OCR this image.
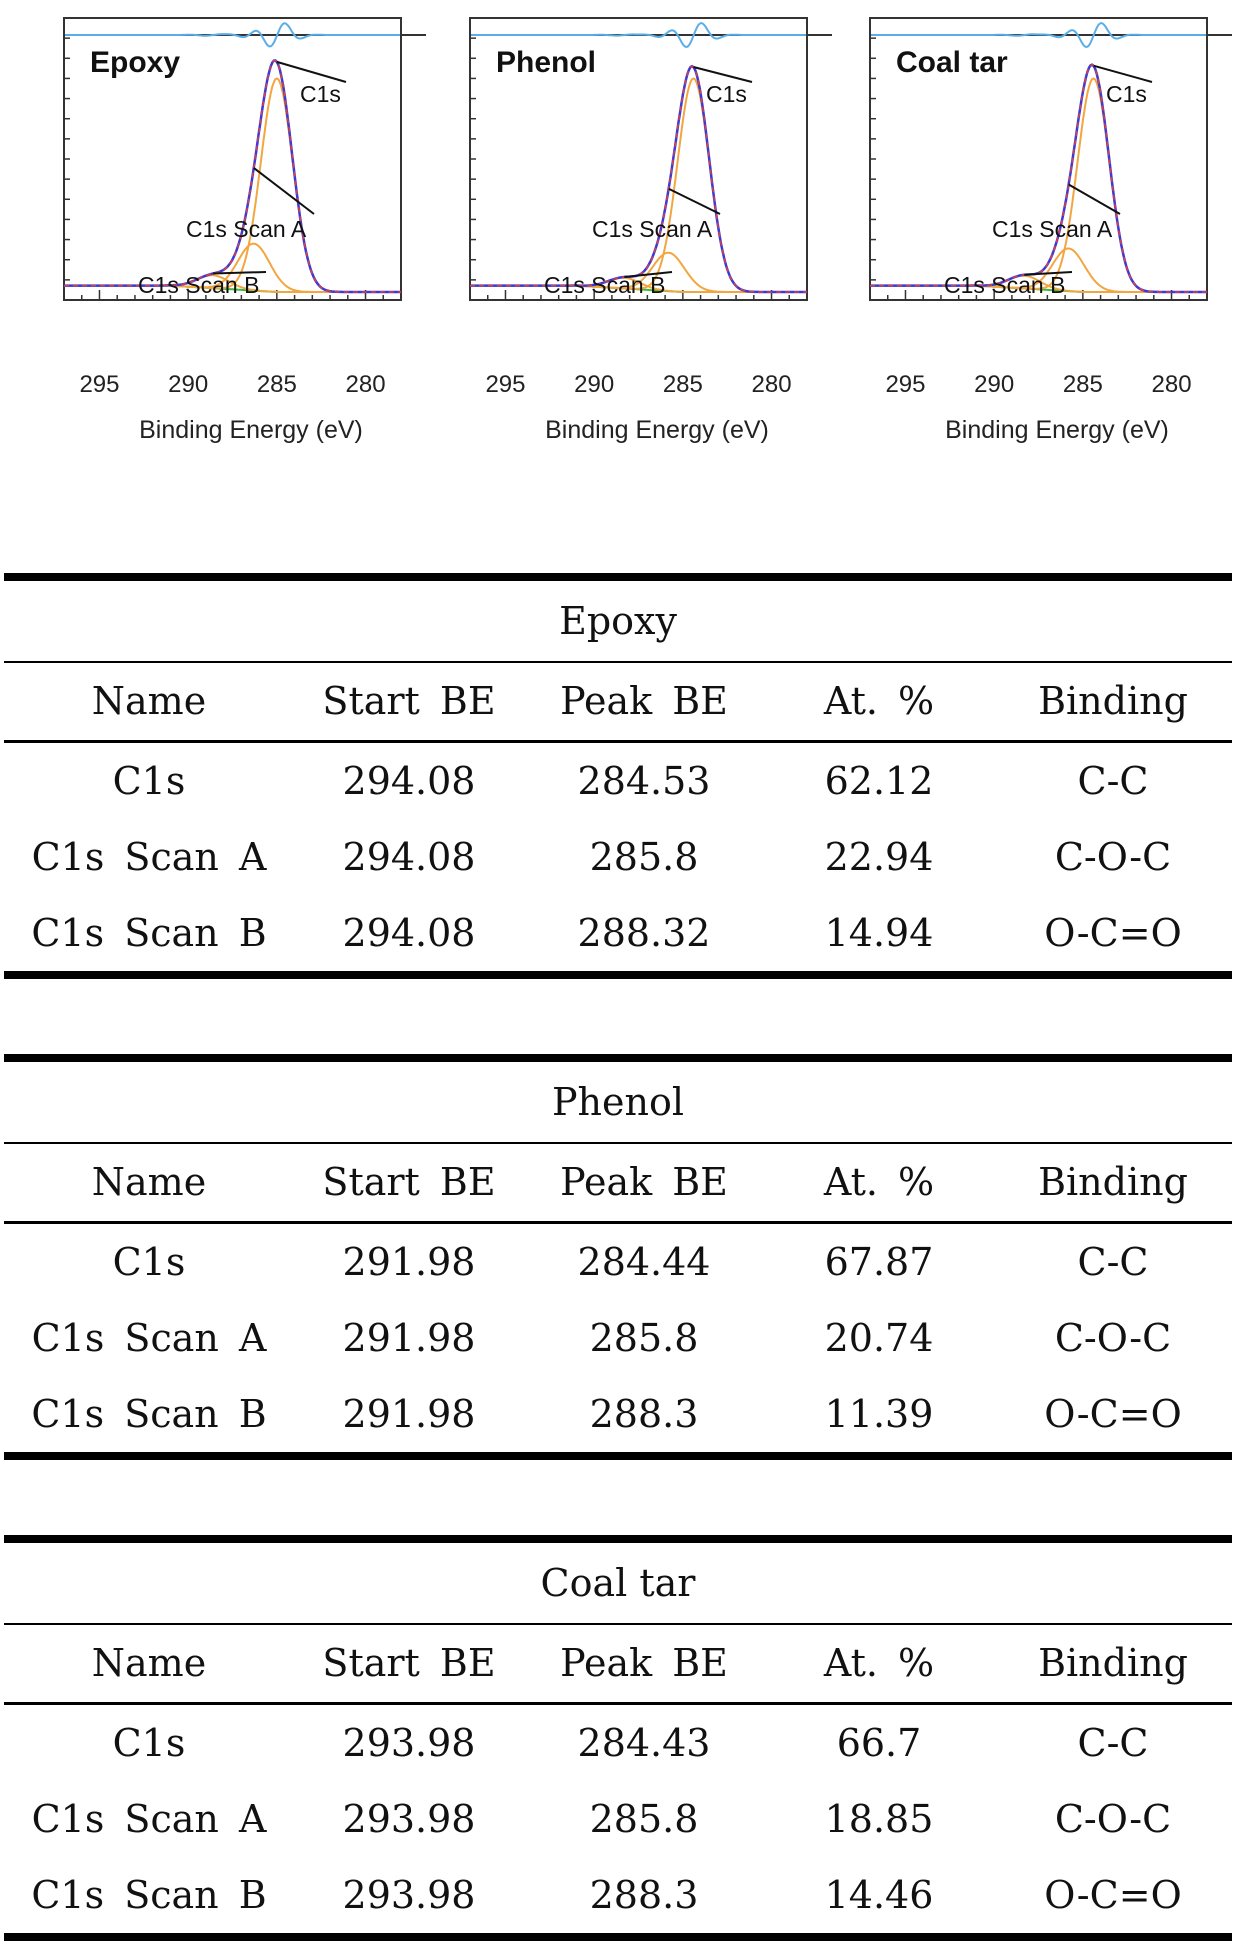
Epoxy
C1s
C1s Scan A
C1s Scan B
295 290 285 280
Binding Energy (eV)
Phenol
C1s
C1s Scan A
C1s Scan B
295 290 285 280
Binding Energy (eV)
Coal tar
C1s
C1s Scan A
C1s Scan B
295 290 285 280
Binding Energy (eV)
Epoxy
Name	Start BE	Peak BE	At. %	Binding
C1s	294.08	284.53	62.12	C-C
C1s Scan A	294.08	285.8	22.94	C-O-C
C1s Scan B	294.08	288.32	14.94	O-C=O
Phenol
Name	Start BE	Peak BE	At. %	Binding
C1s	291.98	284.44	67.87	C-C
C1s Scan A	291.98	285.8	20.74	C-O-C
C1s Scan B	291.98	288.3	11.39	O-C=O
Coal tar
Name	Start BE	Peak BE	At. %	Binding
C1s	293.98	284.43	66.7	C-C
C1s Scan A	293.98	285.8	18.85	C-O-C
C1s Scan B	293.98	288.3	14.46	O-C=O
